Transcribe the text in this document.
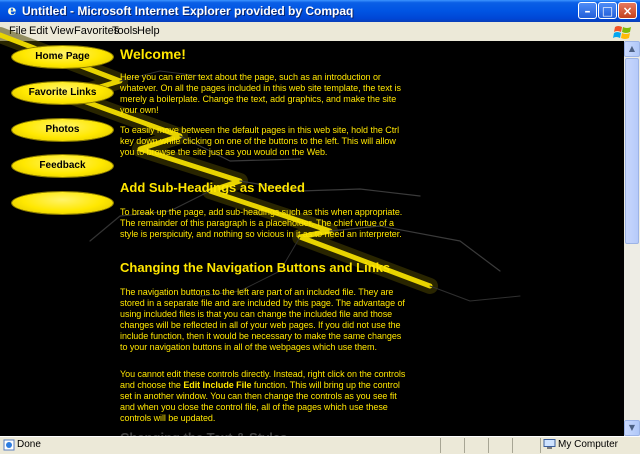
e Untitled - Microsoft Internet Explorer provided by Compaq	– □ ×
File Edit View Favorites
Tools Help
Home Page
Favorite Links
Photos
Feedback
Welcome!
Here you can enter text about the page, such as an introduction or whatever. On all the pages included in this web site template, the text is merely a boilerplate. Change the text, add graphics, and make the site your own!
To easily move between the default pages in this web site, hold the Ctrl key down while clicking on one of the buttons to the left. This will allow you to browse the site just as you would on the Web.
Add Sub-Headings as Needed
To break up the page, add sub-headings such as this when appropriate. The remainder of this paragraph is a placeholder. The chief virtue of a style is perspicuity, and nothing so vicious in it as to need an interpreter.
Changing the Navigation Buttons and Links
The navigation buttons to the left are part of an included file. They are stored in a separate file and are included by this page. The advantage of using included files is that you can change the included file and those changes will be reflected in all of your web pages. If you did not use the include function, then it would be necessary to make the same changes to your navigation buttons in all of the webpages which use them.
You cannot edit these controls directly. Instead, right click on the controls and choose the Edit Include File function. This will bring up the control set in another window. You can then change the controls as you see fit and when you close the control file, all of the pages which use these controls will be updated.
▲
▼
Done	My Computer
